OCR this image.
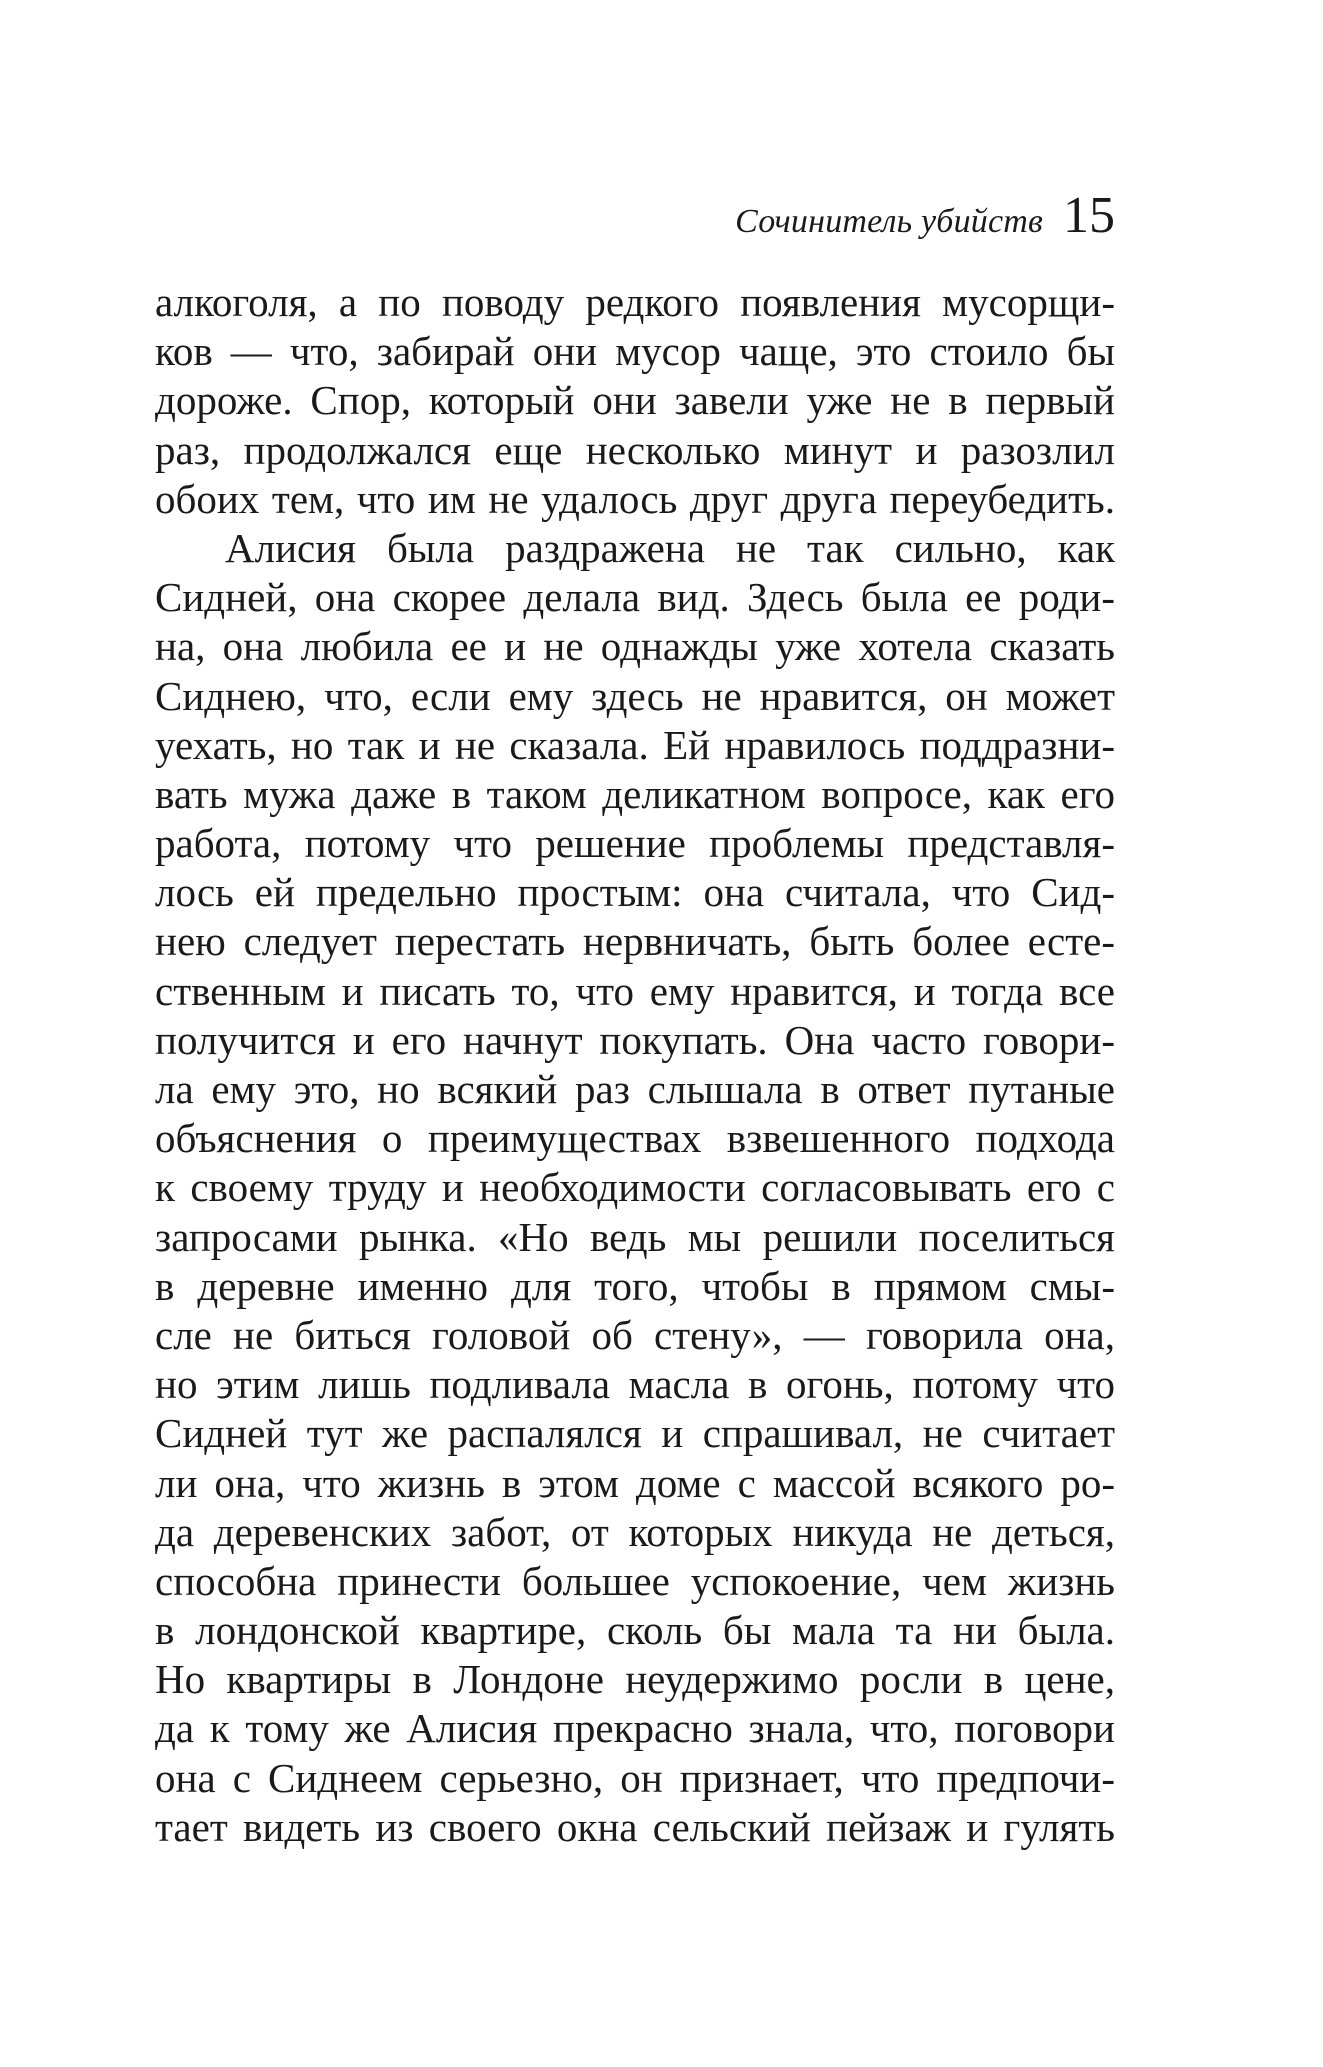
Сочинитель убийств 15
алкоголя, а по поводу редкого появления мусорщи-
ков — что, забирай они мусор чаще, это стоило бы
дороже. Спор, который они завели уже не в первый
раз, продолжался еще несколько минут и разозлил
обоих тем, что им не удалось друг друга переубедить.
Алисия была раздражена не так сильно, как
Сидней, она скорее делала вид. Здесь была ее роди-
на, она любила ее и не однажды уже хотела сказать
Сиднею, что, если ему здесь не нравится, он может
уехать, но так и не сказала. Ей нравилось поддразни-
вать мужа даже в таком деликатном вопросе, как его
работа, потому что решение проблемы представля-
лось ей предельно простым: она считала, что Сид-
нею следует перестать нервничать, быть более есте-
ственным и писать то, что ему нравится, и тогда все
получится и его начнут покупать. Она часто говори-
ла ему это, но всякий раз слышала в ответ путаные
объяснения о преимуществах взвешенного подхода
к своему труду и необходимости согласовывать его с
запросами рынка. «Но ведь мы решили поселиться
в деревне именно для того, чтобы в прямом смы-
сле не биться головой об стену», — говорила она,
но этим лишь подливала масла в огонь, потому что
Сидней тут же распалялся и спрашивал, не считает
ли она, что жизнь в этом доме с массой всякого ро-
да деревенских забот, от которых никуда не деться,
способна принести большее успокоение, чем жизнь
в лондонской квартире, сколь бы мала та ни была.
Но квартиры в Лондоне неудержимо росли в цене,
да к тому же Алисия прекрасно знала, что, поговори
она с Сиднеем серьезно, он признает, что предпочи-
тает видеть из своего окна сельский пейзаж и гулять
